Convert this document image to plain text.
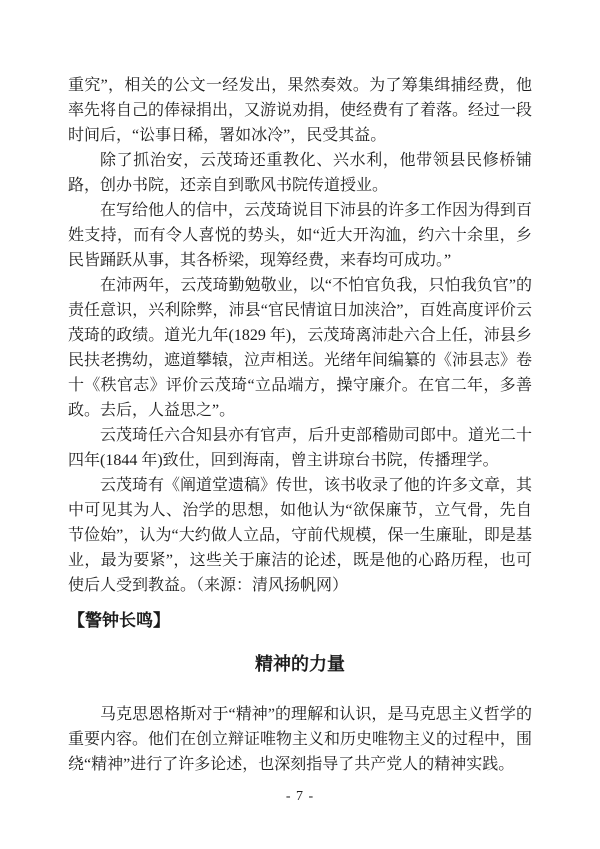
重究”，相关的公文一经发出，果然奏效。为了筹集缉捕经费，他率先将自己的俸禄捐出，又游说劝捐，使经费有了着落。经过一段时间后，“讼事日稀，署如冰冷”，民受其益。

除了抓治安，云茂琦还重教化、兴水利，他带领县民修桥铺路，创办书院，还亲自到歌风书院传道授业。

在写给他人的信中，云茂琦说目下沛县的许多工作因为得到百姓支持，而有令人喜悦的势头，如“近大开沟洫，约六十余里，乡民皆踊跃从事，其各桥梁，现筹经费，来春均可成功。”

在沛两年，云茂琦勤勉敬业，以“不怕官负我，只怕我负官”的责任意识，兴利除弊，沛县“官民情谊日加浃洽”，百姓高度评价云茂琦的政绩。道光九年(1829 年)，云茂琦离沛赴六合上任，沛县乡民扶老携幼，遮道攀辕，泣声相送。光绪年间编纂的《沛县志》卷十《秩官志》评价云茂琦“立品端方，操守廉介。在官二年，多善政。去后，人益思之”。

云茂琦任六合知县亦有官声，后升吏部稽勋司郎中。道光二十四年(1844 年)致仕，回到海南，曾主讲琼台书院，传播理学。

云茂琦有《阐道堂遗稿》传世，该书收录了他的许多文章，其中可见其为人、治学的思想，如他认为“欲保廉节，立气骨，先自节俭始”，认为“大约做人立品，守前代规模，保一生廉耻，即是基业，最为要紧”，这些关于廉洁的论述，既是他的心路历程，也可使后人受到教益。（来源：清风扬帆网）

【警钟长鸣】
精神的力量

马克思恩格斯对于“精神”的理解和认识，是马克思主义哲学的重要内容。他们在创立辩证唯物主义和历史唯物主义的过程中，围绕“精神”进行了许多论述，也深刻指导了共产党人的精神实践。

- 7 -
